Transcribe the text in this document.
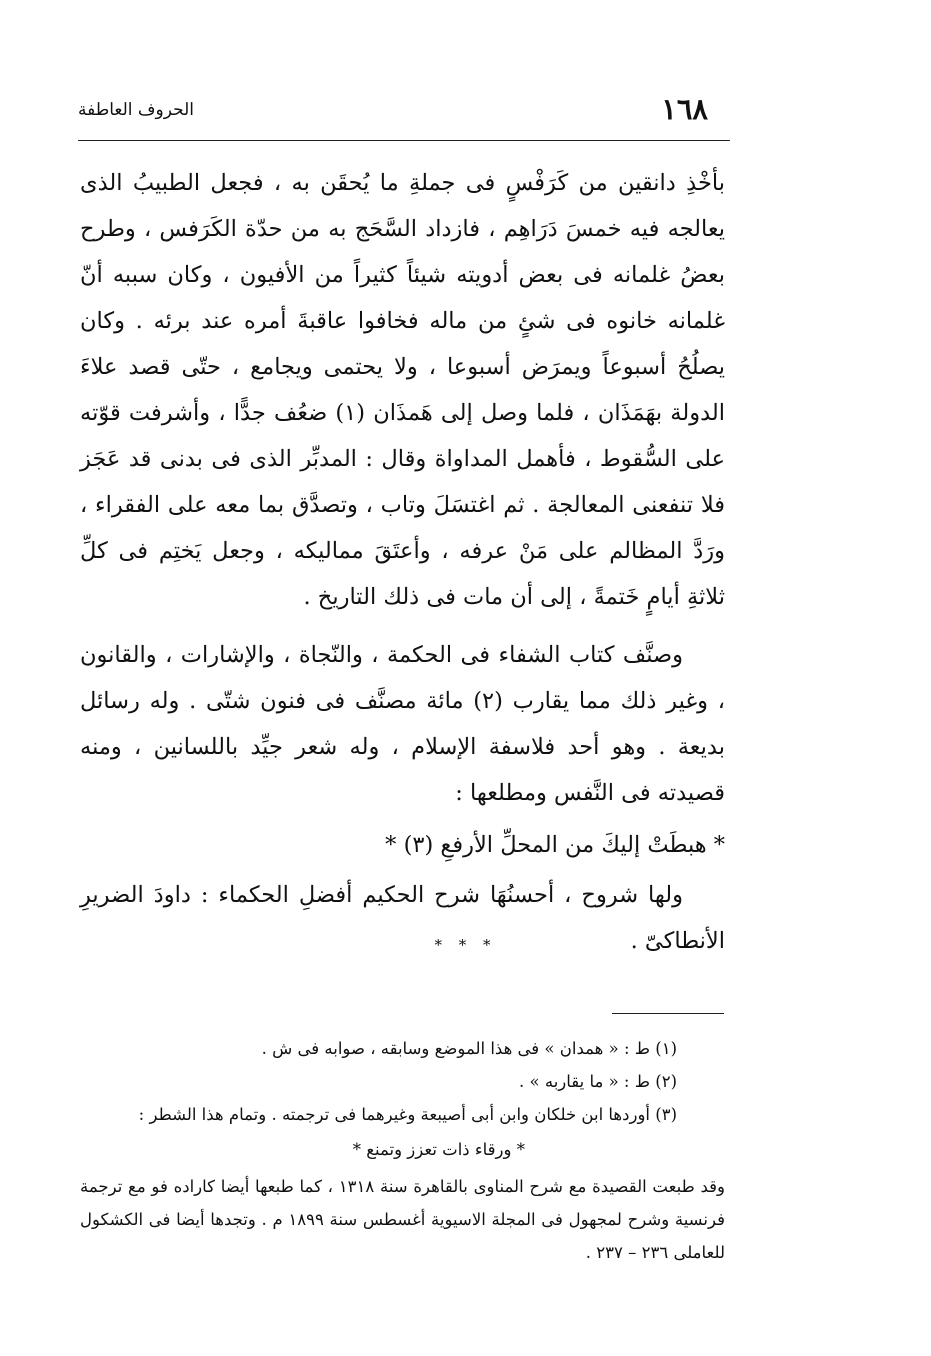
١٦٨
الحروف العاطفة

بأخْذِ دانقين من كَرَفْسٍ فى جملةِ ما يُحقَن به ، فجعل الطبيبُ الذى يعالجه فيه خمسَ دَرَاهِم ، فازداد السَّحَج به من حدّة الكَرَفس ، وطرح بعضُ غلمانه فى بعض أدويته شيئاً كثيراً من الأفيون ، وكان سببه أنّ غلمانه خانوه فى شئٍ من ماله فخافوا عاقبةَ أمره عند برئه . وكان يصلُحُ أسبوعاً ويمرَض أسبوعا ، ولا يحتمى ويجامع ، حتّى قصد علاءَ الدولة بهَمَذَان ، فلما وصل إلى هَمذَان (١) ضعُف جدًّا ، وأشرفت قوّته على السُّقوط ، فأهمل المداواة وقال : المدبِّر الذى فى بدنى قد عَجَز فلا تنفعنى المعالجة . ثم اغتسَلَ وتاب ، وتصدَّق بما معه على الفقراء ، ورَدَّ المظالم على مَنْ عرفه ، وأعتَقَ مماليكه ، وجعل يَختِم فى كلِّ ثلاثةِ أيامٍ خَتمةً ، إلى أن مات فى ذلك التاريخ .

وصنَّف كتاب الشفاء فى الحكمة ، والنّجاة ، والإشارات ، والقانون ، وغير ذلك مما يقارب (٢) مائة مصنَّف فى فنون شتّى . وله رسائل بديعة . وهو أحد فلاسفة الإسلام ، وله شعر جيِّد باللسانين ، ومنه قصيدته فى النَّفس ومطلعها :

* هبطَتْ إليكَ من المحلِّ الأرفعِ (٣) *

ولها شروح ، أحسنُهَا شرح الحكيم أفضلِ الحكماء : داودَ الضريرِ الأنطاكىّ .

* * *

(١) ط : « همدان » فى هذا الموضع وسابقه ، صوابه فى ش .

(٢) ط : « ما يقاربه » .

(٣) أوردها ابن خلكان وابن أبى أصيبعة وغيرهما فى ترجمته . وتمام هذا الشطر :

* ورقاء ذات تعزز وتمنع *

وقد طبعت القصيدة مع شرح المناوى بالقاهرة سنة ١٣١٨ ، كما طبعها أيضا كاراده فو مع ترجمة فرنسية وشرح لمجهول فى المجلة الاسيوية أغسطس سنة ١٨٩٩ م . وتجدها أيضا فى الكشكول للعاملى ٢٣٦ – ٢٣٧ .
